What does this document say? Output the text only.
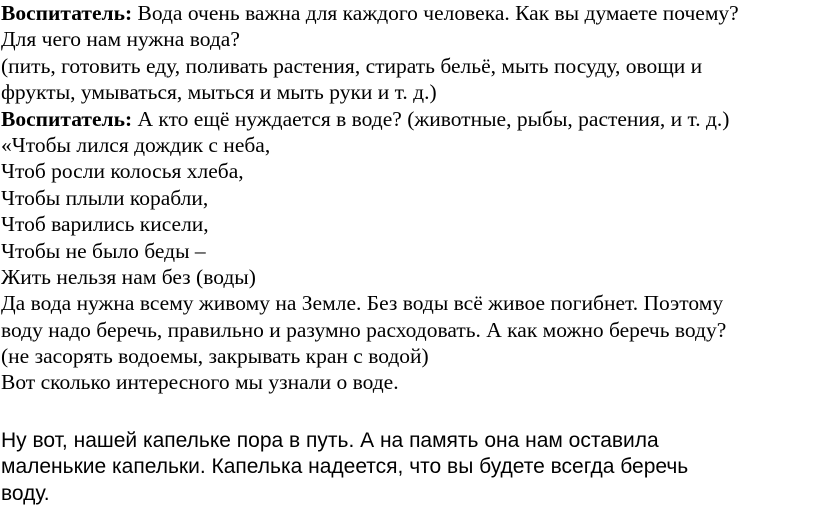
Воспитатель: Вода очень важна для каждого человека. Как вы думаете почему?
Для чего нам нужна вода?
(пить, готовить еду, поливать растения, стирать бельё, мыть посуду, овощи и
фрукты, умываться, мыться и мыть руки и т. д.)
Воспитатель: А кто ещё нуждается в воде? (животные, рыбы, растения, и т. д.)
«Чтобы лился дождик с неба,
Чтоб росли колосья хлеба,
Чтобы плыли корабли,
Чтоб варились кисели,
Чтобы не было беды –
Жить нельзя нам без (воды)
Да вода нужна всему живому на Земле. Без воды всё живое погибнет. Поэтому
воду надо беречь, правильно и разумно расходовать. А как можно беречь воду?
(не засорять водоемы, закрывать кран с водой)
Вот сколько интересного мы узнали о воде.
Ну вот, нашей капельке пора в путь. А на память она нам оставила
маленькие капельки. Капелька надеется, что вы будете всегда беречь
воду.
